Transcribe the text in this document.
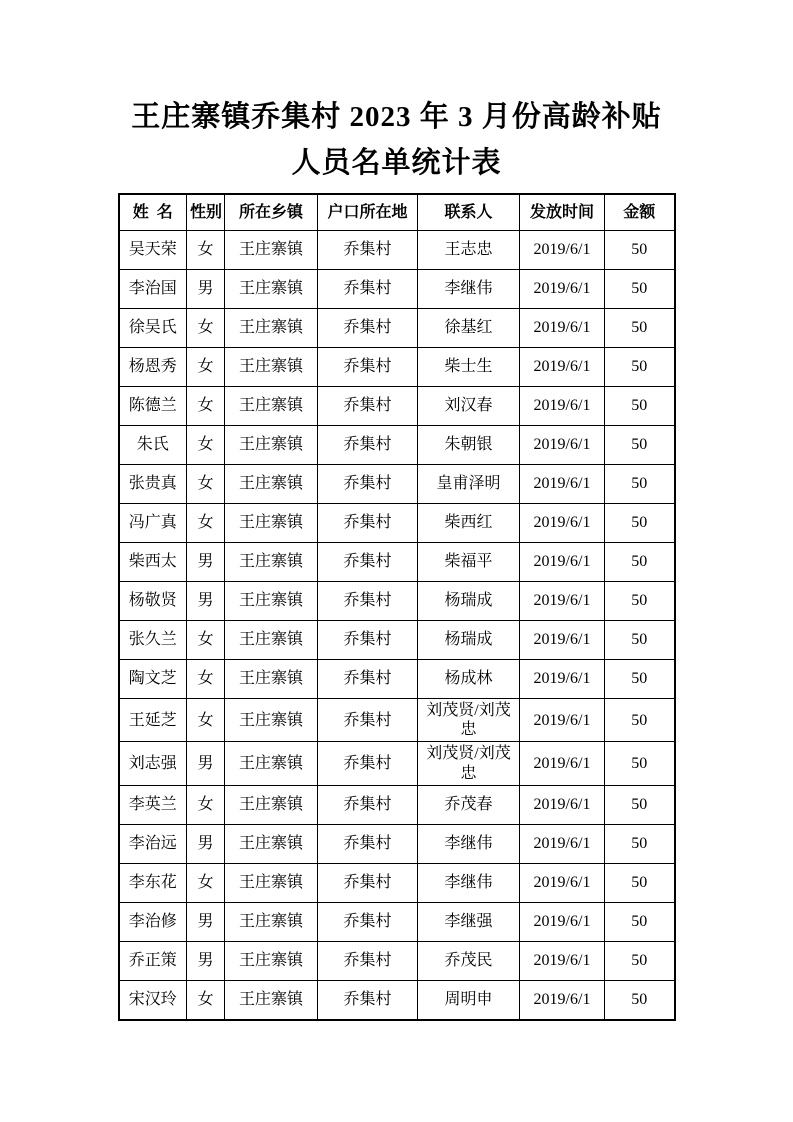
王庄寨镇乔集村 2023 年 3 月份高龄补贴
人员名单统计表
姓  名	性别	所在乡镇	户口所在地	联系人	发放时间	金额
吴天荣	女	王庄寨镇	乔集村	王志忠	2019/6/1	50
李治国	男	王庄寨镇	乔集村	李继伟	2019/6/1	50
徐吴氏	女	王庄寨镇	乔集村	徐基红	2019/6/1	50
杨恩秀	女	王庄寨镇	乔集村	柴士生	2019/6/1	50
陈德兰	女	王庄寨镇	乔集村	刘汉春	2019/6/1	50
朱氏	女	王庄寨镇	乔集村	朱朝银	2019/6/1	50
张贵真	女	王庄寨镇	乔集村	皇甫泽明	2019/6/1	50
冯广真	女	王庄寨镇	乔集村	柴西红	2019/6/1	50
柴西太	男	王庄寨镇	乔集村	柴福平	2019/6/1	50
杨敬贤	男	王庄寨镇	乔集村	杨瑞成	2019/6/1	50
张久兰	女	王庄寨镇	乔集村	杨瑞成	2019/6/1	50
陶文芝	女	王庄寨镇	乔集村	杨成林	2019/6/1	50
王延芝	女	王庄寨镇	乔集村	刘茂贤/刘茂忠	2019/6/1	50
刘志强	男	王庄寨镇	乔集村	刘茂贤/刘茂忠	2019/6/1	50
李英兰	女	王庄寨镇	乔集村	乔茂春	2019/6/1	50
李治远	男	王庄寨镇	乔集村	李继伟	2019/6/1	50
李东花	女	王庄寨镇	乔集村	李继伟	2019/6/1	50
李治修	男	王庄寨镇	乔集村	李继强	2019/6/1	50
乔正策	男	王庄寨镇	乔集村	乔茂民	2019/6/1	50
宋汉玲	女	王庄寨镇	乔集村	周明申	2019/6/1	50
